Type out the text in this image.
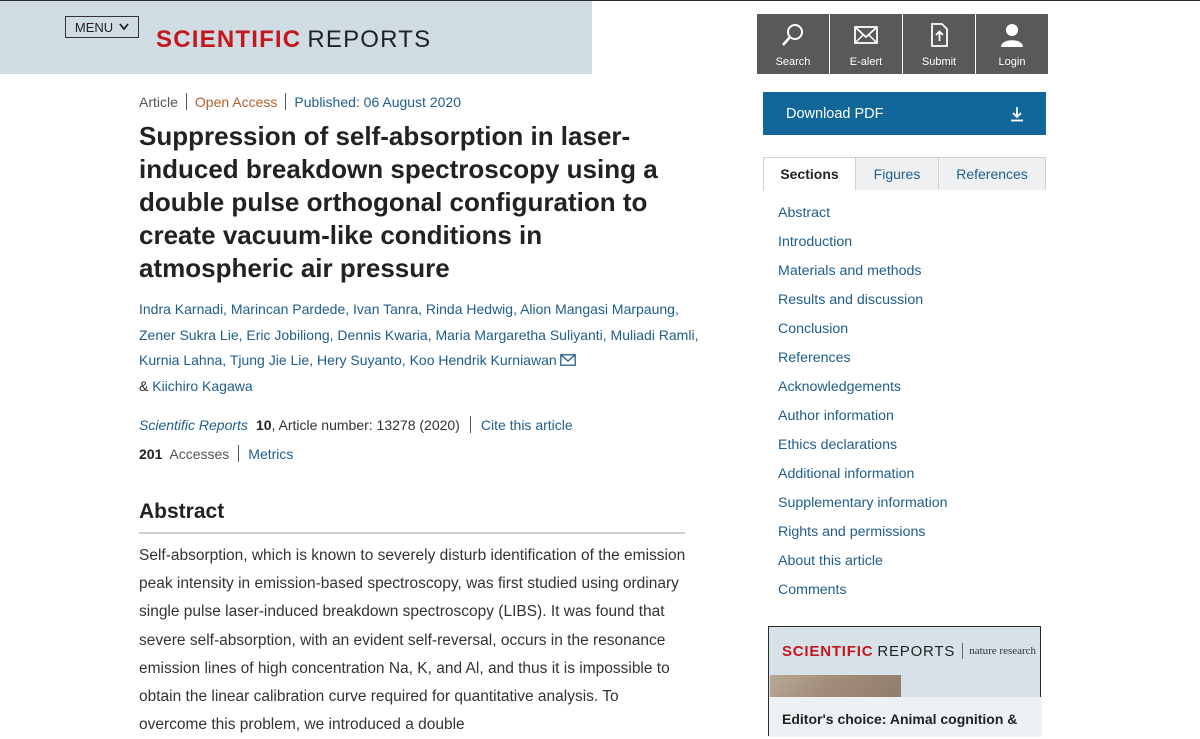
MENU SCIENTIFIC REPORTS
Search	E-alert	Submit	Login
Article Open Access Published: 06 August 2020
Suppression of self-absorption in laser-induced breakdown spectroscopy using a double pulse orthogonal configuration to create vacuum-like conditions in atmospheric air pressure
Indra Karnadi, Marincan Pardede, Ivan Tanra, Rinda Hedwig, Alion Mangasi Marpaung, Zener Sukra Lie, Eric Jobiliong, Dennis Kwaria, Maria Margaretha Suliyanti, Muliadi Ramli, Kurnia Lahna, Tjung Jie Lie, Hery Suyanto, Koo Hendrik Kurniawan
& Kiichiro Kagawa
Scientific Reports 10 , Article number: 13278 (2020) Cite this article
201 Accesses Metrics
Abstract

Self-absorption, which is known to severely disturb identification of the emission peak intensity in emission-based spectroscopy, was first studied using ordinary single pulse laser-induced breakdown spectroscopy (LIBS). It was found that severe self-absorption, with an evident self-reversal, occurs in the resonance emission lines of high concentration Na, K, and Al, and thus it is impossible to obtain the linear calibration curve required for quantitative analysis. To overcome this problem, we introduced a double

Download PDF
Sections	Figures	References
Abstract
Introduction
Materials and methods
Results and discussion
Conclusion
References
Acknowledgements
Author information
Ethics declarations
Additional information
Supplementary information
Rights and permissions
About this article
Comments
SCIENTIFIC REPORTS nature research
Editor's choice: Animal cognition &
